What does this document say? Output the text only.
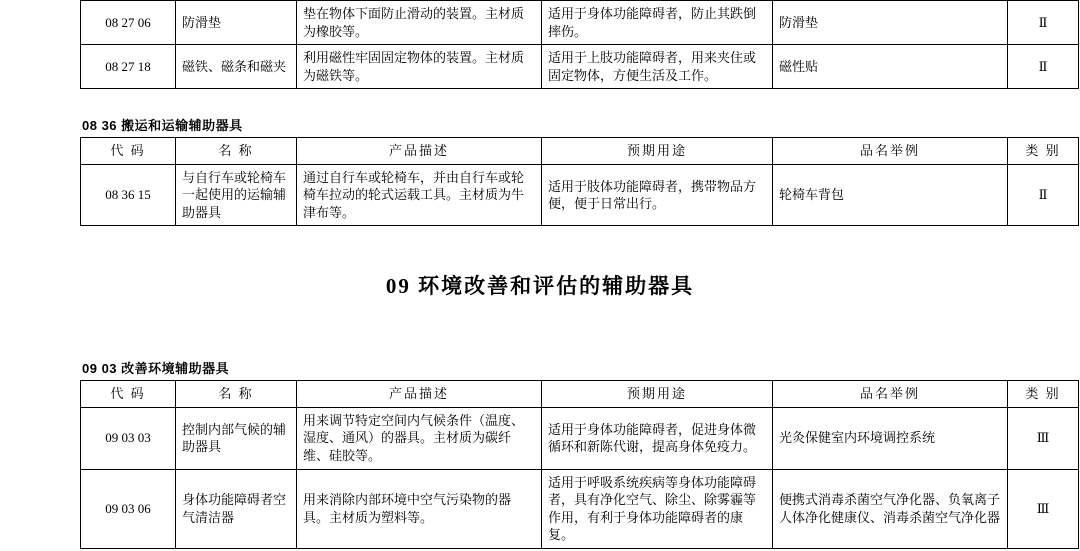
08 27 06	防滑垫	垫在物体下面防止滑动的装置。主材质为橡胶等。	适用于身体功能障碍者，防止其跌倒摔伤。	防滑垫	Ⅱ
08 27 18	磁铁、磁条和磁夹	利用磁性牢固固定物体的装置。主材质为磁铁等。	适用于上肢功能障碍者，用来夹住或固定物体，方便生活及工作。	磁性贴	Ⅱ
08 36 搬运和运输辅助器具
代 码	名 称	产品描述	预期用途	品名举例	类 别
08 36 15	与自行车或轮椅车一起使用的运输辅助器具	通过自行车或轮椅车，并由自行车或轮椅车拉动的轮式运载工具。主材质为牛津布等。	适用于肢体功能障碍者，携带物品方便，便于日常出行。	轮椅车背包	Ⅱ
09 环境改善和评估的辅助器具
09 03 改善环境辅助器具
代 码	名 称	产品描述	预期用途	品名举例	类 别
09 03 03	控制内部气候的辅助器具	用来调节特定空间内气候条件（温度、湿度、通风）的器具。主材质为碳纤维、硅胶等。	适用于身体功能障碍者，促进身体微循环和新陈代谢，提高身体免疫力。	光灸保健室内环境调控系统	Ⅲ
09 03 06	身体功能障碍者空气清洁器	用来消除内部环境中空气污染物的器具。主材质为塑料等。	适用于呼吸系统疾病等身体功能障碍者，具有净化空气、除尘、除雾霾等作用，有利于身体功能障碍者的康复。	便携式消毒杀菌空气净化器、负氧离子人体净化健康仪、消毒杀菌空气净化器	Ⅲ
